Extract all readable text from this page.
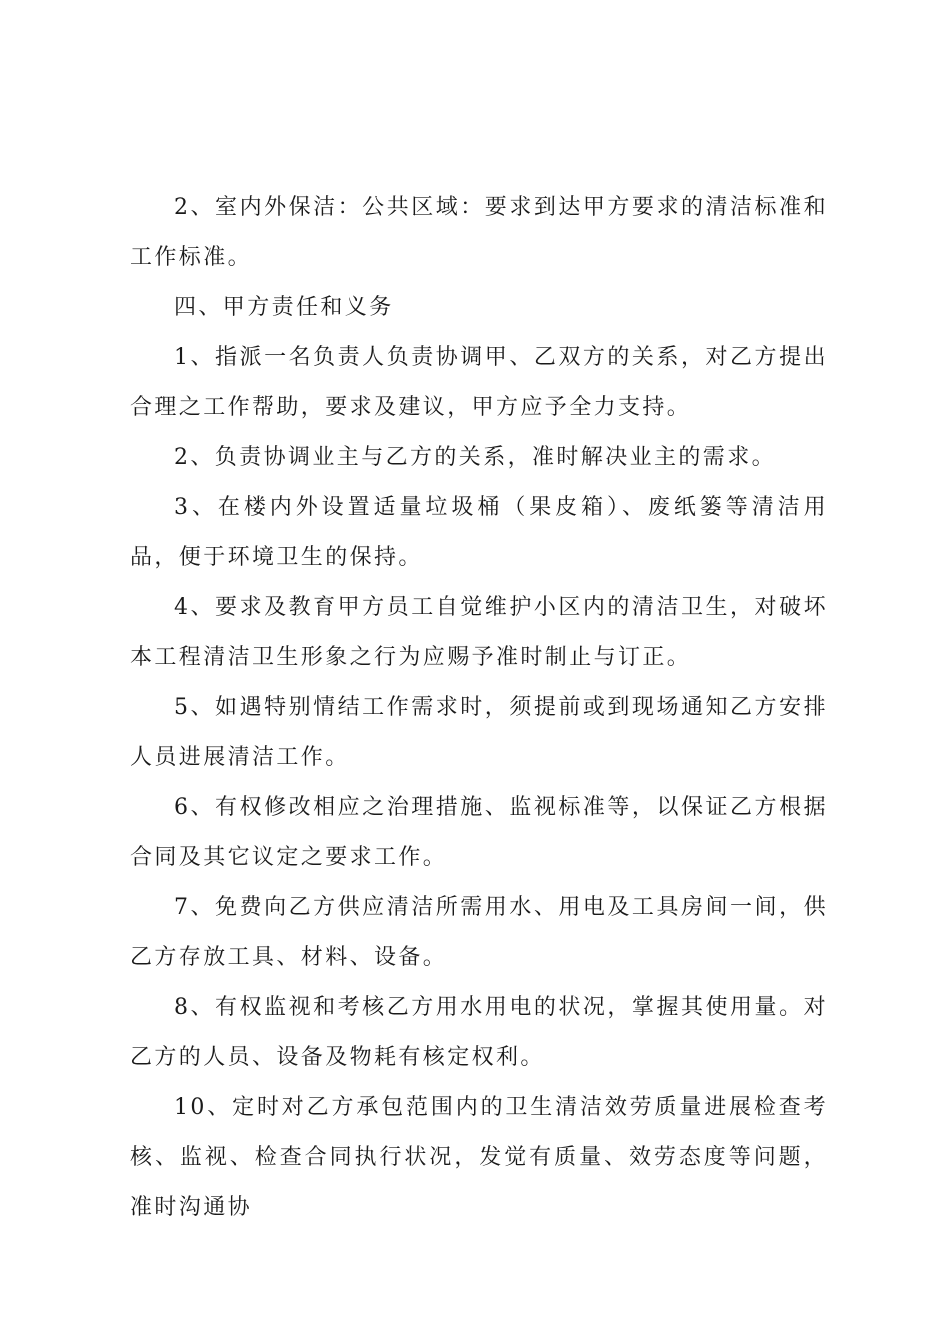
2、室内外保洁：公共区域：要求到达甲方要求的清洁标准和工作标准。

四、甲方责任和义务

1、指派一名负责人负责协调甲、乙双方的关系，对乙方提出合理之工作帮助，要求及建议，甲方应予全力支持。

2、负责协调业主与乙方的关系，准时解决业主的需求。

3、在楼内外设置适量垃圾桶（果皮箱）、废纸篓等清洁用品，便于环境卫生的保持。

4、要求及教育甲方员工自觉维护小区内的清洁卫生，对破坏本工程清洁卫生形象之行为应赐予准时制止与订正。

5、如遇特别情结工作需求时，须提前或到现场通知乙方安排人员进展清洁工作。

6、有权修改相应之治理措施、监视标准等，以保证乙方根据合同及其它议定之要求工作。

7、免费向乙方供应清洁所需用水、用电及工具房间一间，供乙方存放工具、材料、设备。

8、有权监视和考核乙方用水用电的状况，掌握其使用量。对乙方的人员、设备及物耗有核定权利。

10、定时对乙方承包范围内的卫生清洁效劳质量进展检查考核、监视、检查合同执行状况，发觉有质量、效劳态度等问题，准时沟通协
